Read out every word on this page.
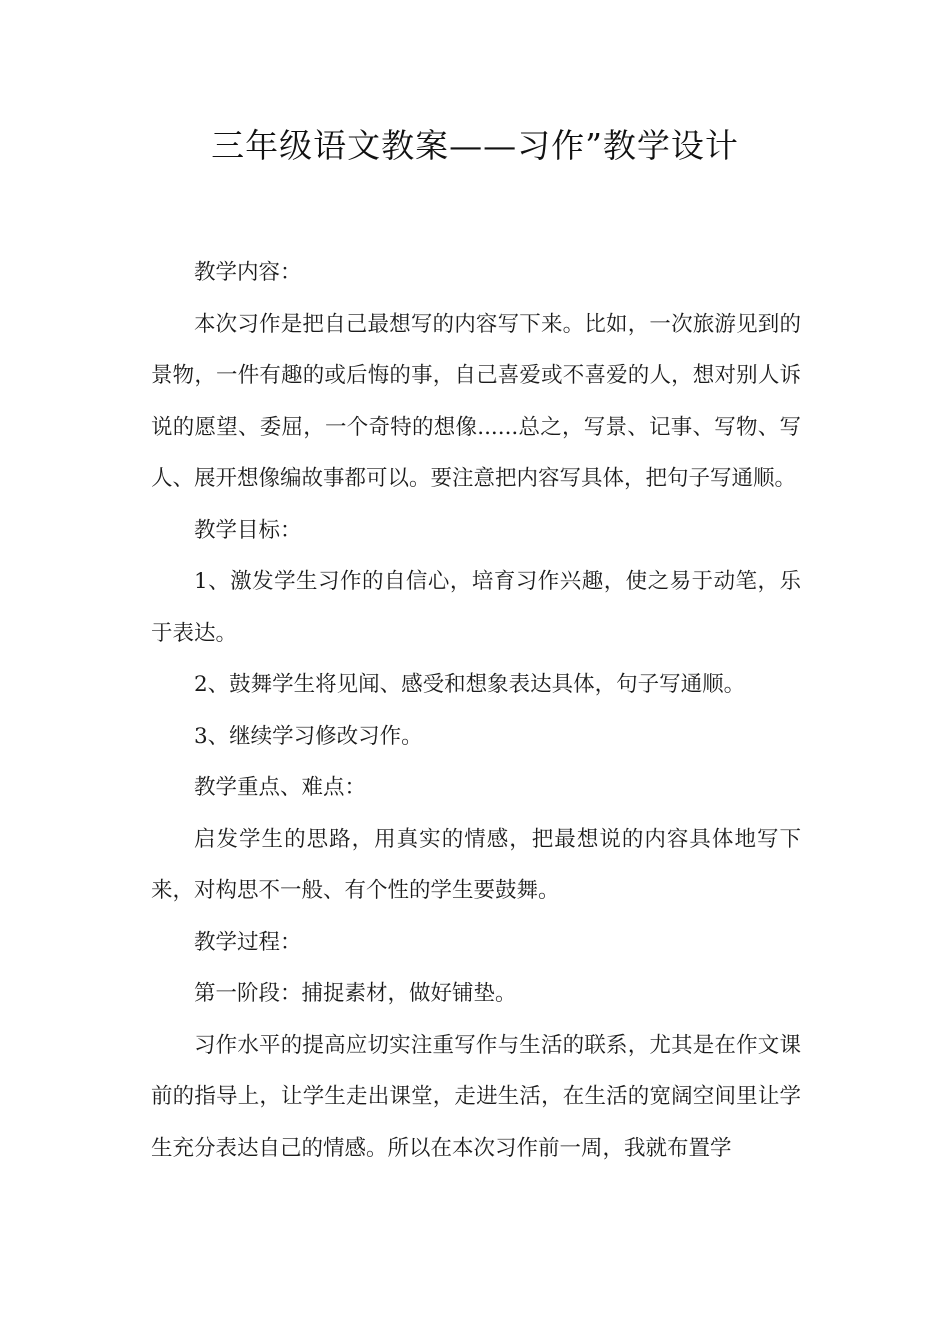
三年级语文教案——习作”教学设计

教学内容：

本次习作是把自己最想写的内容写下来。比如，一次旅游见到的景物，一件有趣的或后悔的事，自己喜爱或不喜爱的人，想对别人诉说的愿望、委屈，一个奇特的想像......总之，写景、记事、写物、写人、展开想像编故事都可以。要注意把内容写具体，把句子写通顺。

教学目标：

1、激发学生习作的自信心，培育习作兴趣，使之易于动笔，乐于表达。

2、鼓舞学生将见闻、感受和想象表达具体，句子写通顺。

3、继续学习修改习作。

教学重点、难点：

启发学生的思路，用真实的情感，把最想说的内容具体地写下来，对构思不一般、有个性的学生要鼓舞。

教学过程：

第一阶段：捕捉素材，做好铺垫。

习作水平的提高应切实注重写作与生活的联系，尤其是在作文课前的指导上，让学生走出课堂，走进生活，在生活的宽阔空间里让学生充分表达自己的情感。所以在本次习作前一周，我就布置学
